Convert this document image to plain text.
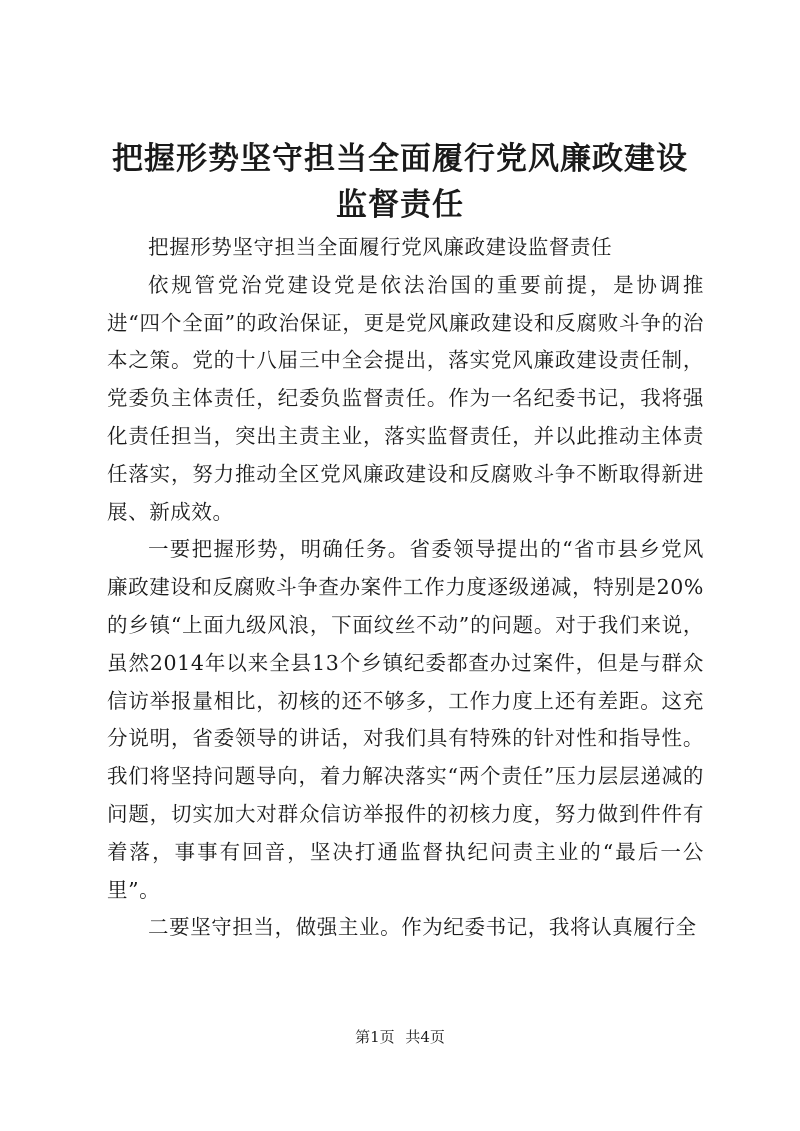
把握形势坚守担当全面履行党风廉政建设监督责任

把握形势坚守担当全面履行党风廉政建设监督责任

依规管党治党建设党是依法治国的重要前提，是协调推进“四个全面”的政治保证，更是党风廉政建设和反腐败斗争的治本之策。党的十八届三中全会提出，落实党风廉政建设责任制，党委负主体责任，纪委负监督责任。作为一名纪委书记，我将强化责任担当，突出主责主业，落实监督责任，并以此推动主体责任落实，努力推动全区党风廉政建设和反腐败斗争不断取得新进展、新成效。

一要把握形势，明确任务。省委领导提出的“省市县乡党风廉政建设和反腐败斗争查办案件工作力度逐级递减，特别是20%的乡镇“上面九级风浪，下面纹丝不动”的问题。对于我们来说，虽然2014年以来全县13个乡镇纪委都查办过案件，但是与群众信访举报量相比，初核的还不够多，工作力度上还有差距。这充分说明，省委领导的讲话，对我们具有特殊的针对性和指导性。我们将坚持问题导向，着力解决落实“两个责任”压力层层递减的问题，切实加大对群众信访举报件的初核力度，努力做到件件有着落，事事有回音，坚决打通监督执纪问责主业的“最后一公里”。

二要坚守担当，做强主业。作为纪委书记，我将认真履行全

第1页 共4页
